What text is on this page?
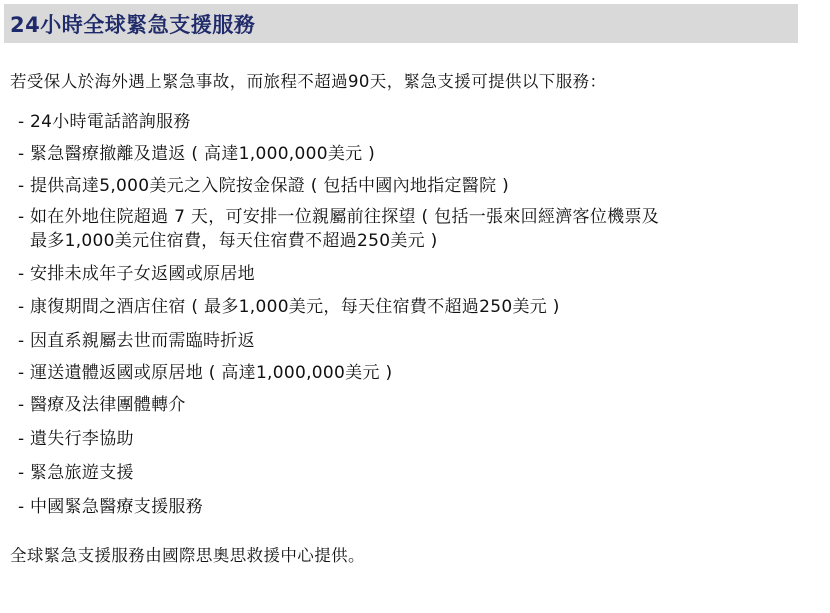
24小時全球緊急支援服務
若受保人於海外遇上緊急事故，而旅程不超過90天，緊急支援可提供以下服務：
- 24小時電話諮詢服務
- 緊急醫療撤離及遣返 ( 高達1,000,000美元 )
- 提供高達5,000美元之入院按金保證 ( 包括中國內地指定醫院 )
- 如在外地住院超過 7 天，可安排一位親屬前往探望 ( 包括一張來回經濟客位機票及
最多1,000美元住宿費，每天住宿費不超過250美元 )
- 安排未成年子女返國或原居地
- 康復期間之酒店住宿 ( 最多1,000美元，每天住宿費不超過250美元 )
- 因直系親屬去世而需臨時折返
- 運送遺體返國或原居地 ( 高達1,000,000美元 )
- 醫療及法律團體轉介
- 遺失行李協助
- 緊急旅遊支援
- 中國緊急醫療支援服務
全球緊急支援服務由國際思奧思救援中心提供。
